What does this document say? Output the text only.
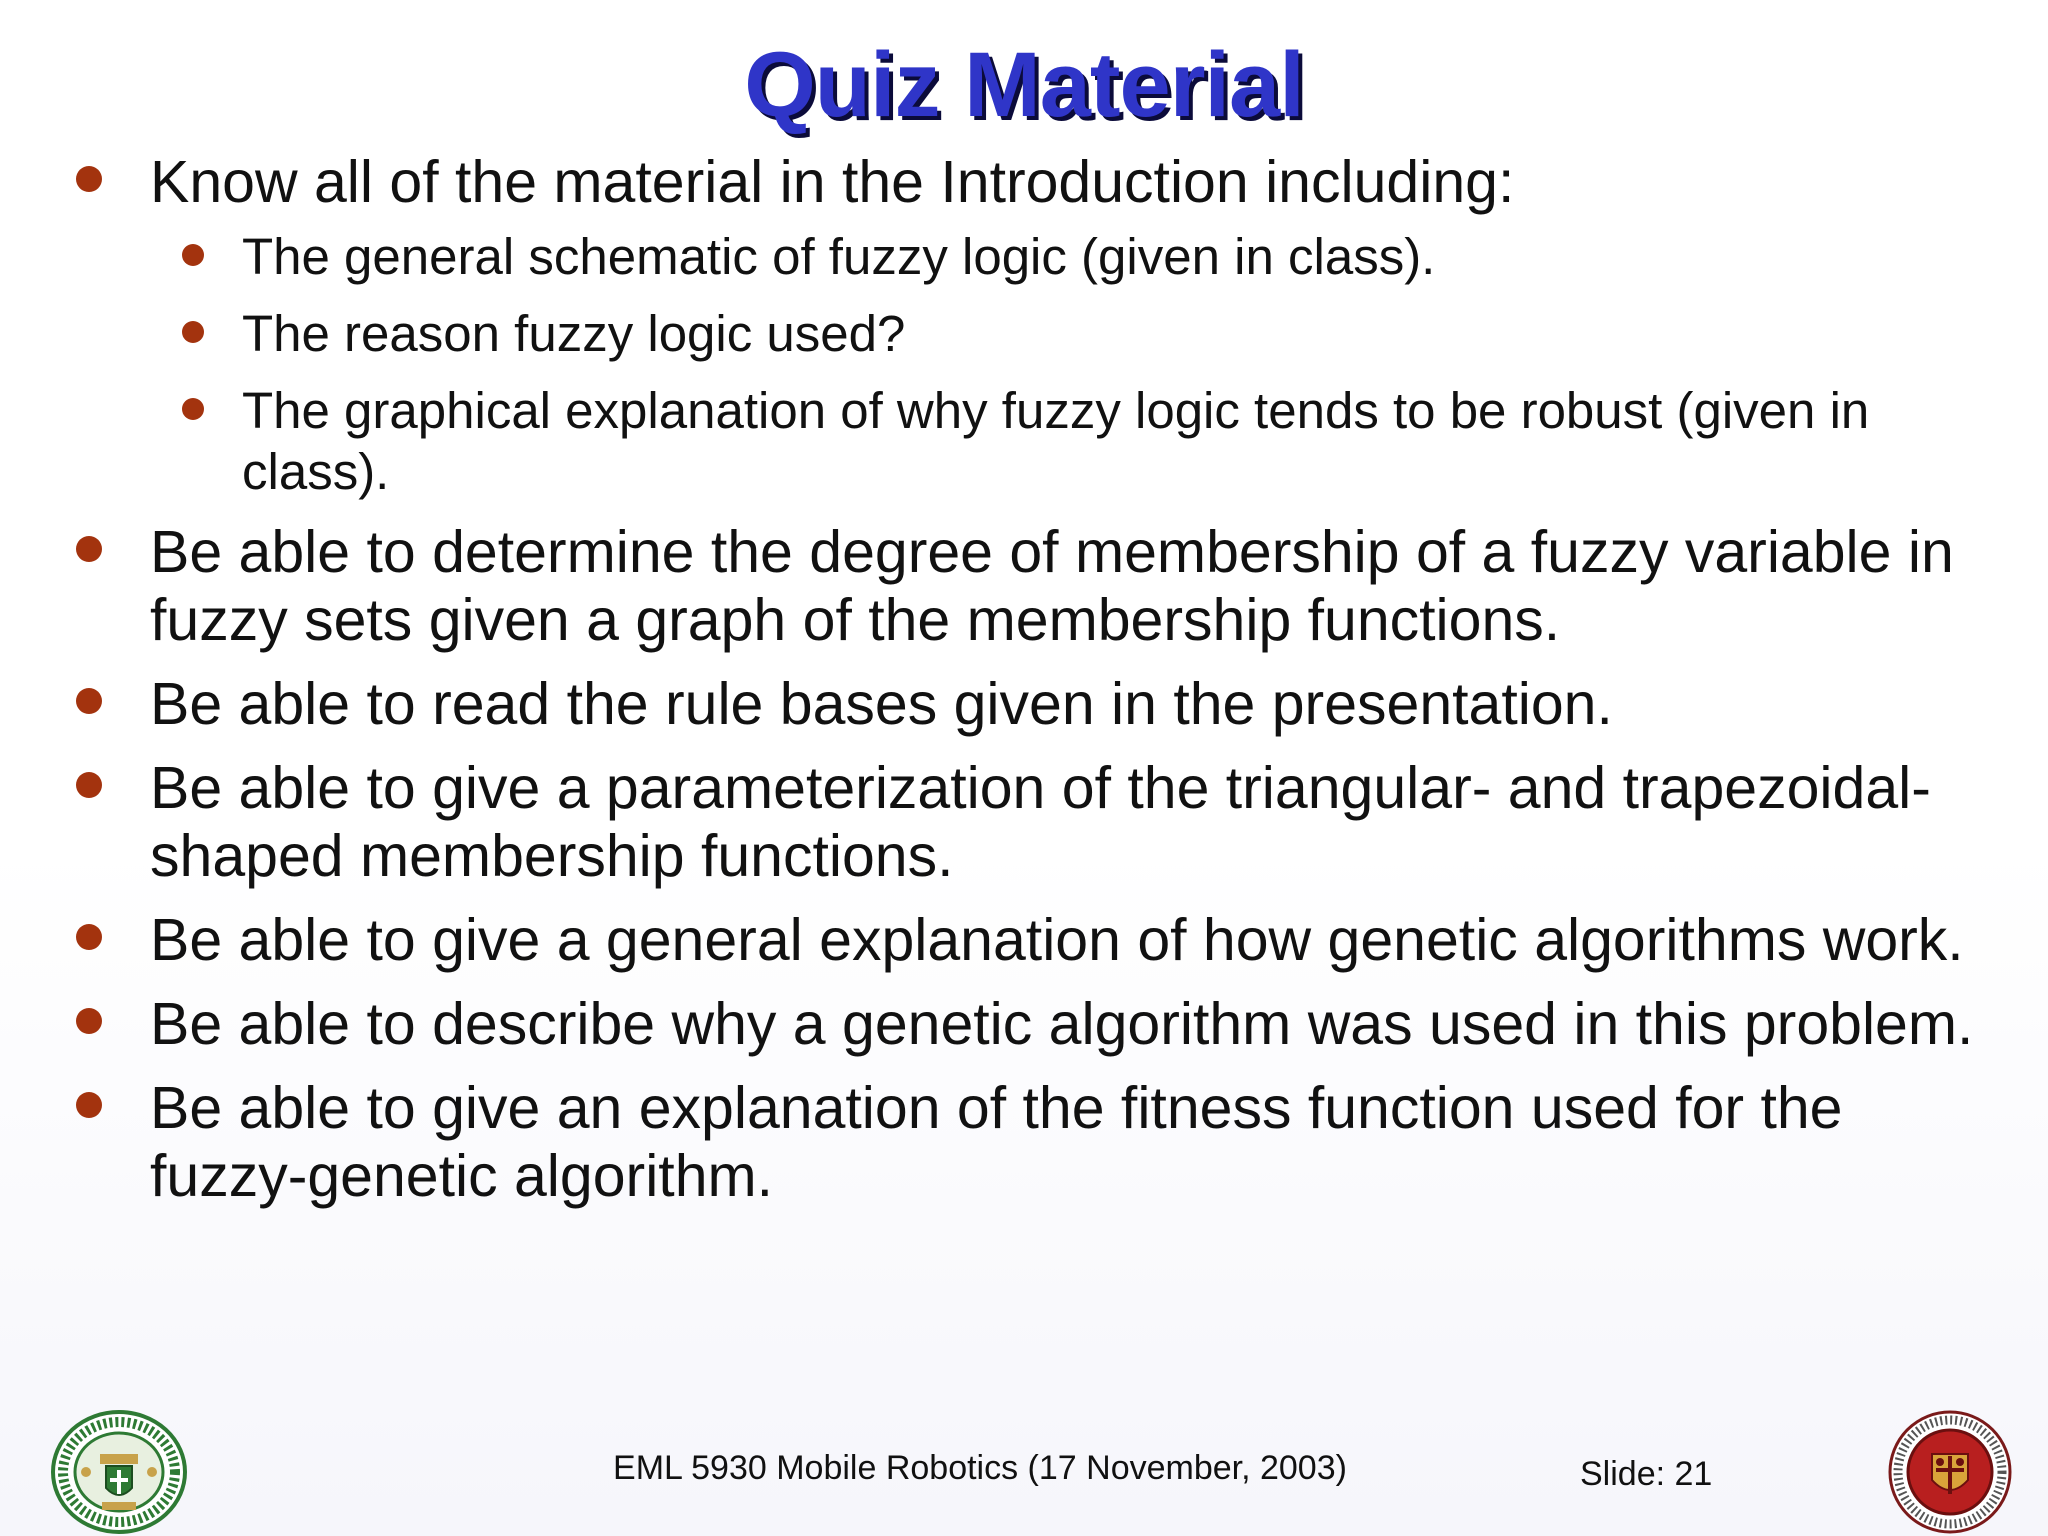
Quiz Material
Know all of the material in the Introduction including:
The general schematic of fuzzy logic (given in class).
The reason fuzzy logic used?
The graphical explanation of why fuzzy logic tends to be robust (given in class).
Be able to determine the degree of membership of a fuzzy variable in fuzzy sets given a graph of the membership functions.
Be able to read the rule bases given in the presentation.
Be able to give a parameterization of the triangular- and trapezoidal-shaped membership functions.
Be able to give a general explanation of how genetic algorithms work.
Be able to describe why a genetic algorithm was used in this problem.
Be able to give an explanation of the fitness function used for the fuzzy-genetic algorithm.
EML 5930 Mobile Robotics (17 November, 2003)	Slide: 21
